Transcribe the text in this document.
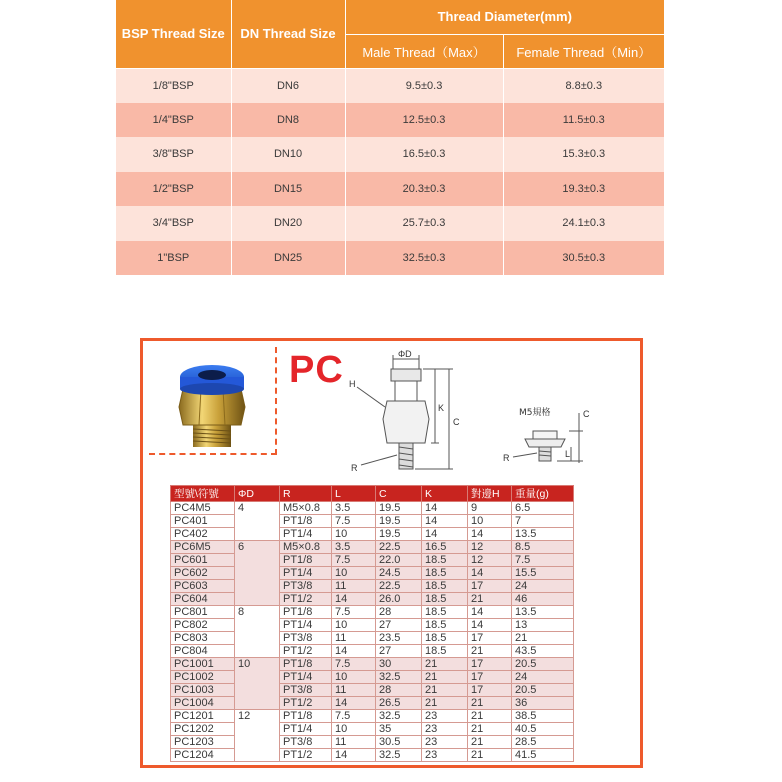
BSP Thread Size	DN Thread Size	Thread Diameter(mm)	
		Male Thread（Max）	Female Thread（Min）
1/8"BSP	DN6	9.5±0.3	8.8±0.3
1/4"BSP	DN8	12.5±0.3	11.5±0.3
3/8"BSP	DN10	16.5±0.3	15.3±0.3
1/2"BSP	DN15	20.3±0.3	19.3±0.3
3/4"BSP	DN20	25.7±0.3	24.1±0.3
1"BSP	DN25	32.5±0.3	30.5±0.3
PC	ΦD
H
K
C
R
M5規格	C
L
R
型號\符號	ΦD	R	L	C	K	對邊H	重量(g)
PC4M5	4	M5×0.8	3.5	19.5	14	9	6.5
PC401		PT1/8	7.5	19.5	14	10	7
PC402		PT1/4	10	19.5	14	14	13.5
PC6M5	6	M5×0.8	3.5	22.5	16.5	12	8.5
PC601		PT1/8	7.5	22.0	18.5	12	7.5
PC602		PT1/4	10	24.5	18.5	14	15.5
PC603		PT3/8	11	22.5	18.5	17	24
PC604		PT1/2	14	26.0	18.5	21	46
PC801	8	PT1/8	7.5	28	18.5	14	13.5
PC802		PT1/4	10	27	18.5	14	13
PC803		PT3/8	11	23.5	18.5	17	21
PC804		PT1/2	14	27	18.5	21	43.5
PC1001	10	PT1/8	7.5	30	21	17	20.5
PC1002		PT1/4	10	32.5	21	17	24
PC1003		PT3/8	11	28	21	17	20.5
PC1004		PT1/2	14	26.5	21	21	36
PC1201	12	PT1/8	7.5	32.5	23	21	38.5
PC1202		PT1/4	10	35	23	21	40.5
PC1203		PT3/8	11	30.5	23	21	28.5
PC1204		PT1/2	14	32.5	23	21	41.5
